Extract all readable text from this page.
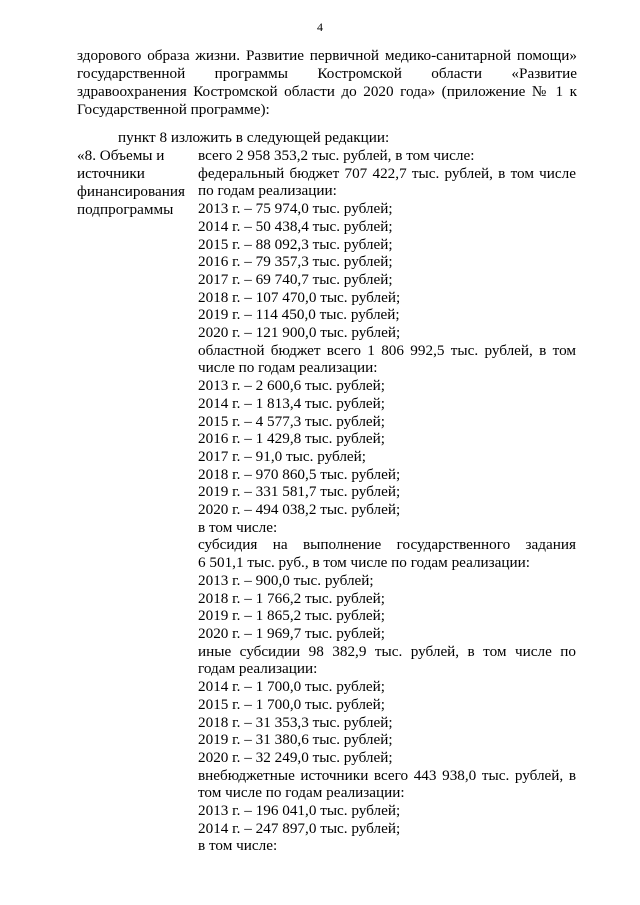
4
здорового образа жизни. Развитие первичной медико-санитарной помощи»
государственной программы Костромской области «Развитие
здравоохранения Костромской области до 2020 года» (приложение № 1 к
Государственной программе):
пункт 8 изложить в следующей редакции:
«8. Объемы и
источники
финансирования
подпрограммы
всего 2 958 353,2 тыс. рублей, в том числе:
федеральный бюджет 707 422,7 тыс. рублей, в том числе
по годам реализации:
2013 г. – 75 974,0 тыс. рублей;
2014 г. – 50 438,4 тыс. рублей;
2015 г. – 88 092,3 тыс. рублей;
2016 г. – 79 357,3 тыс. рублей;
2017 г. – 69 740,7 тыс. рублей;
2018 г. – 107 470,0 тыс. рублей;
2019 г. – 114 450,0 тыс. рублей;
2020 г. – 121 900,0 тыс. рублей;
областной бюджет всего 1 806 992,5 тыс. рублей, в том
числе по годам реализации:
2013 г. – 2 600,6 тыс. рублей;
2014 г. – 1 813,4 тыс. рублей;
2015 г. – 4 577,3 тыс. рублей;
2016 г. – 1 429,8 тыс. рублей;
2017 г. – 91,0 тыс. рублей;
2018 г. – 970 860,5 тыс. рублей;
2019 г. – 331 581,7 тыс. рублей;
2020 г. – 494 038,2 тыс. рублей;
в том числе:
субсидия на выполнение государственного задания
6 501,1 тыс. руб., в том числе по годам реализации:
2013 г. – 900,0 тыс. рублей;
2018 г. – 1 766,2 тыс. рублей;
2019 г. – 1 865,2 тыс. рублей;
2020 г. – 1 969,7 тыс. рублей;
иные субсидии 98 382,9 тыс. рублей, в том числе по
годам реализации:
2014 г. – 1 700,0 тыс. рублей;
2015 г. – 1 700,0 тыс. рублей;
2018 г. – 31 353,3 тыс. рублей;
2019 г. – 31 380,6 тыс. рублей;
2020 г. – 32 249,0 тыс. рублей;
внебюджетные источники всего 443 938,0 тыс. рублей, в
том числе по годам реализации:
2013 г. – 196 041,0 тыс. рублей;
2014 г. – 247 897,0 тыс. рублей;
в том числе:
